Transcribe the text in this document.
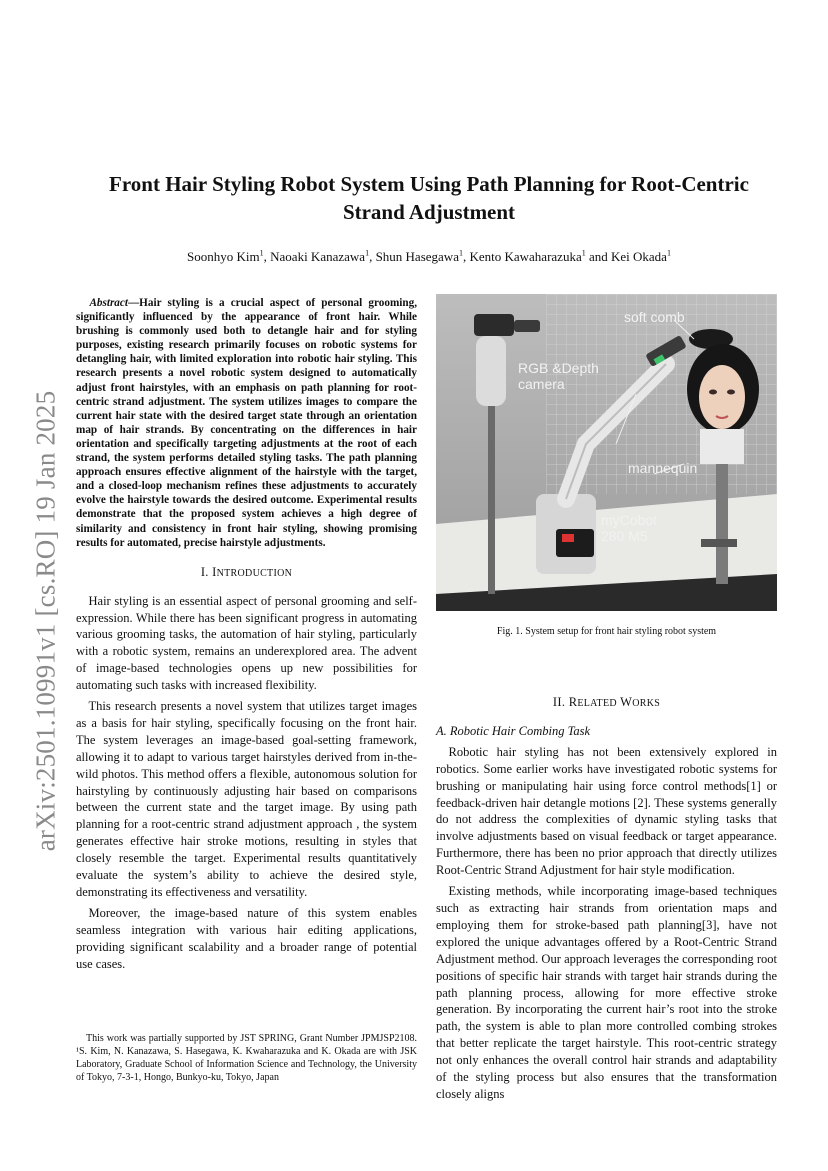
arXiv:2501.10991v1 [cs.RO] 19 Jan 2025
Front Hair Styling Robot System Using Path Planning for Root-Centric
Strand Adjustment
Soonhyo Kim$^1$, Naoaki Kanazawa$^1$, Shun Hasegawa$^1$, Kento Kawaharazuka$^1$ and Kei Okada$^1$

Abstract—Hair styling is a crucial aspect of personal grooming, significantly influenced by the appearance of front hair. While brushing is commonly used both to detangle hair and for styling purposes, existing research primarily focuses on robotic systems for detangling hair, with limited exploration into robotic hair styling. This research presents a novel robotic system designed to automatically adjust front hairstyles, with an emphasis on path planning for root-centric strand adjustment. The system utilizes images to compare the current hair state with the desired target state through an orientation map of hair strands. By concentrating on the differences in hair orientation and specifically targeting adjustments at the root of each strand, the system performs detailed styling tasks. The path planning approach ensures effective alignment of the hairstyle with the target, and a closed-loop mechanism refines these adjustments to accurately evolve the hairstyle towards the desired outcome. Experimental results demonstrate that the proposed system achieves a high degree of similarity and consistency in front hair styling, showing promising results for automated, precise hairstyle adjustments.

I. INTRODUCTION

Hair styling is an essential aspect of personal grooming and self-expression. While there has been significant progress in automating various grooming tasks, the automation of hair styling, particularly with a robotic system, remains an underexplored area. The advent of image-based technologies opens up new possibilities for automating such tasks with increased flexibility.

This research presents a novel system that utilizes target images as a basis for hair styling, specifically focusing on the front hair. The system leverages an image-based goal-setting framework, allowing it to adapt to various target hairstyles derived from in-the-wild photos. This method offers a flexible, autonomous solution for hairstyling by continuously adjusting hair based on comparisons between the current state and the target image. By using path planning for a root-centric strand adjustment approach , the system generates effective hair stroke motions, resulting in styles that closely resemble the target. Experimental results quantitatively evaluate the system’s ability to achieve the desired style, demonstrating its effectiveness and versatility.

Moreover, the image-based nature of this system enables seamless integration with various hair editing applications, providing significant scalability and a broader range of potential use cases.

This work was partially supported by JST SPRING, Grant Number JPMJSP2108. ¹S. Kim, N. Kanazawa, S. Hasegawa, K. Kwaharazuka and K. Okada are with JSK Laboratory, Graduate School of Information Science and Technology, the University of Tokyo, 7-3-1, Hongo, Bunkyo-ku, Tokyo, Japan
soft comb
RGB &Depth
camera
mannequin
myCobot
280 M5
Fig. 1. System setup for front hair styling robot system
II. RELATED WORKS
A. Robotic Hair Combing Task

Robotic hair styling has not been extensively explored in robotics. Some earlier works have investigated robotic systems for brushing or manipulating hair using force control methods[1] or feedback-driven hair detangle motions [2]. These systems generally do not address the complexities of dynamic styling tasks that involve adjustments based on visual feedback or target appearance. Furthermore, there has been no prior approach that directly utilizes Root-Centric Strand Adjustment for hair style modification.

Existing methods, while incorporating image-based techniques such as extracting hair strands from orientation maps and employing them for stroke-based path planning[3], have not explored the unique advantages offered by a Root-Centric Strand Adjustment method. Our approach leverages the corresponding root positions of specific hair strands with target hair strands during the path planning process, allowing for more effective stroke generation. By incorporating the current hair’s root into the stroke path, the system is able to plan more controlled combing strokes that better replicate the target hairstyle. This root-centric strategy not only enhances the overall control hair strands and adaptability of the styling process but also ensures that the transformation closely aligns
